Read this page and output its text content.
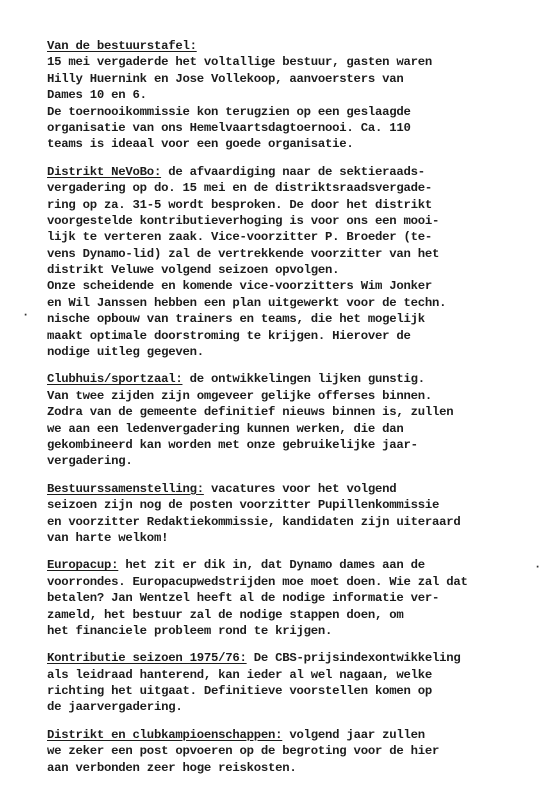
Van de bestuurstafel:
15 mei vergaderde het voltallige bestuur, gasten waren
Hilly Huernink en Jose Vollekoop, aanvoersters van
Dames 10 en 6.
De toernooikommissie kon terugzien op een geslaagde
organisatie van ons Hemelvaartsdagtoernooi. Ca. 110
teams is ideaal voor een goede organisatie.
Distrikt NeVoBo: de afvaardiging naar de sektieraads-
vergadering op do. 15 mei en de distriktsraadsvergade-
ring op za. 31-5 wordt besproken. De door het distrikt
voorgestelde kontributieverhoging is voor ons een mooi-
lijk te verteren zaak. Vice-voorzitter P. Broeder (te-
vens Dynamo-lid) zal de vertrekkende voorzitter van het
distrikt Veluwe volgend seizoen opvolgen.
Onze scheidende en komende vice-voorzitters Wim Jonker
en Wil Janssen hebben een plan uitgewerkt voor de techn.
nische opbouw van trainers en teams, die het mogelijk
maakt optimale doorstroming te krijgen. Hierover de
nodige uitleg gegeven.
Clubhuis/sportzaal: de ontwikkelingen lijken gunstig.
Van twee zijden zijn omgeveer gelijke offerses binnen.
Zodra van de gemeente definitief nieuws binnen is, zullen
we aan een ledenvergadering kunnen werken, die dan
gekombineerd kan worden met onze gebruikelijke jaar-
vergadering.
Bestuurssamenstelling: vacatures voor het volgend
seizoen zijn nog de posten voorzitter Pupillenkommissie
en voorzitter Redaktiekommissie, kandidaten zijn uiteraard
van harte welkom!
Europacup: het zit er dik in, dat Dynamo dames aan de
voorrondes. Europacupwedstrijden moe moet doen. Wie zal dat
betalen? Jan Wentzel heeft al de nodige informatie ver-
zameld, het bestuur zal de nodige stappen doen, om
het financiele probleem rond te krijgen.
Kontributie seizoen 1975/76: De CBS-prijsindexontwikkeling
als leidraad hanterend, kan ieder al wel nagaan, welke
richting het uitgaat. Definitieve voorstellen komen op
de jaarvergadering.
Distrikt en clubkampioenschappen: volgend jaar zullen
we zeker een post opvoeren op de begroting voor de hier
aan verbonden zeer hoge reiskosten.
·
·
